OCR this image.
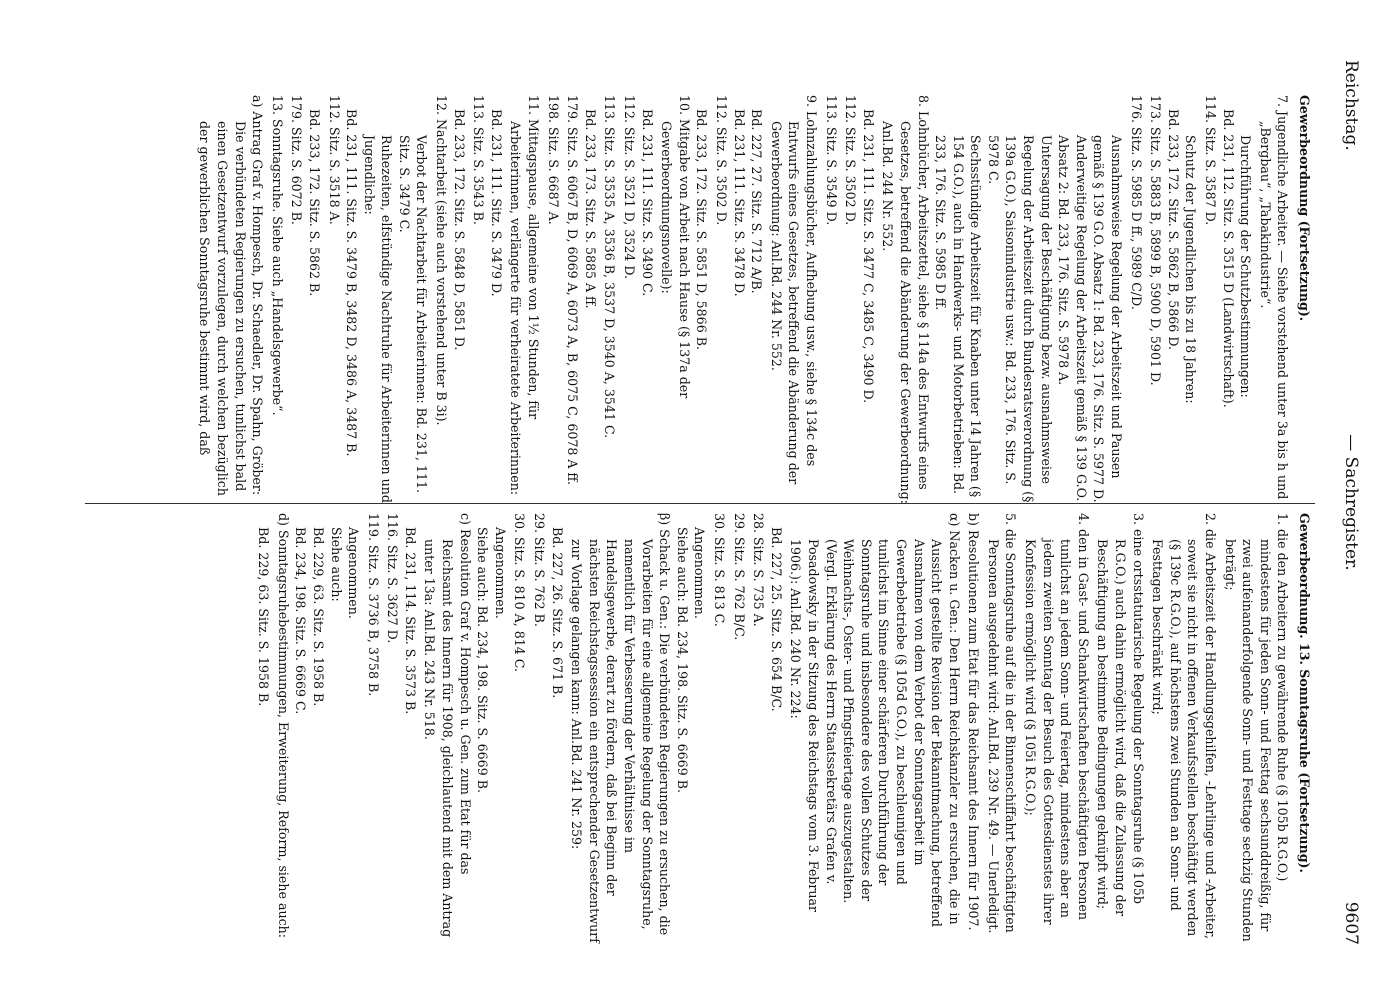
Reichstag.
— Sachregister.
9607
Gewerbeordnung (Fortsetzung).

7. Jugendliche Arbeiter. — Siehe vorstehend unter 3a bis h und „Bergbau“, „Tabakindustrie“.

Durchführung der Schutzbestimmungen:

Bd. 231, 112. Sitz. S. 3515 D (Landwirtschaft).

114. Sitz. S. 3587 D.

Schutz der Jugendlichen bis zu 18 Jahren:

Bd. 233, 172. Sitz. S. 5862 B, 5866 D.

173. Sitz. S. 5883 B, 5899 B, 5900 D, 5901 D.

176. Sitz. S. 5985 D ff., 5989 C/D.

Ausnahmsweise Regelung der Arbeitszeit und Pausen gemäß § 139 G.O. Absatz 1: Bd. 233, 176. Sitz. S. 5977 D.

Anderweitige Regelung der Arbeitszeit gemäß § 139 G.O. Absatz 2: Bd. 233, 176. Sitz. S. 5978 A.

Untersagung der Beschäftigung bezw. ausnahmsweise Regelung der Arbeitszeit durch Bundesratsverordnung (§ 139a G.O.), Saisonindustrie usw.: Bd. 233, 176. Sitz. S. 5978 C.

Sechsstündige Arbeitszeit für Knaben unter 14 Jahren (§ 154 G.O.), auch in Handwerks- und Motorbetrieben: Bd. 233, 176. Sitz. S. 5985 D ff.

8. Lohnbücher, Arbeitszettel, siehe § 114a des Entwurfs eines Gesetzes, betreffend die Abänderung der Gewerbeordnung: Anl.Bd. 244 Nr. 552.

Bd. 231, 111. Sitz. S. 3477 C, 3485 C, 3490 D.

112. Sitz. S. 3502 D.

113. Sitz. S. 3549 D.

9. Lohnzahlungsbücher, Aufhebung usw., siehe § 134c des Entwurfs eines Gesetzes, betreffend die Abänderung der Gewerbeordnung: Anl.Bd. 244 Nr. 552.

Bd. 227, 27. Sitz. S. 712 A/B.

Bd. 231, 111. Sitz. S. 3478 D.

112. Sitz. S. 3502 D.

Bd. 233, 172. Sitz. S. 5851 D, 5866 B.

10. Mitgabe von Arbeit nach Hause (§ 137a der Gewerbeordnungsnovelle):

Bd. 231, 111. Sitz. S. 3490 C.

112. Sitz. S. 3521 D, 3524 D.

113. Sitz. S. 3535 A, 3536 B, 3537 D, 3540 A, 3541 C.

Bd. 233, 173. Sitz. S. 5885 A ff.

179. Sitz. S. 6067 B, D, 6069 A, 6073 A, B, 6075 C, 6078 A ff.

198. Sitz. S. 6687 A.

11. Mittagspause, allgemeine von 1½ Stunden, für Arbeiterinnen, verlängerte für verheiratete Arbeiterinnen:

Bd. 231, 111. Sitz. S. 3479 D.

113. Sitz. S. 3543 B.

Bd. 233, 172. Sitz. S. 5848 D, 5851 D.

12. Nachtarbeit (siehe auch vorstehend unter B 3i).

Verbot der Nachtarbeit für Arbeiterinnen: Bd. 231, 111. Sitz. S. 3479 C.

Ruhezeiten, elfstündige Nachtruhe für Arbeiterinnen und Jugendliche:

Bd. 231, 111. Sitz. S. 3479 B, 3482 D, 3486 A, 3487 B.

112. Sitz. S. 3518 A.

Bd. 233, 172. Sitz. S. 5862 B.

179. Sitz. S. 6072 B.

13. Sonntagsruhe. Siehe auch „Handelsgewerbe“.

a) Antrag Graf v. Hompesch, Dr. Schaedler, Dr. Spahn, Gröber: Die verbündeten Regierungen zu ersuchen, tunlichst bald einen Gesetzentwurf vorzulegen, durch welchen bezüglich der gewerblichen Sonntagsruhe bestimmt wird, daß

Gewerbeordnung. 13. Sonntagsruhe (Fortsetzung).

1. die den Arbeitern zu gewährende Ruhe (§ 105b R.G.O.) mindestens für jeden Sonn- und Festtag sechsunddreißig, für zwei aufeinanderfolgende Sonn- und Festtage sechzig Stunden beträgt;

2. die Arbeitszeit der Handlungsgehilfen, -Lehrlinge und -Arbeiter, soweit sie nicht in offenen Verkaufsstellen beschäftigt werden (§ 139c R.G.O.), auf höchstens zwei Stunden an Sonn- und Festtagen beschränkt wird;

3. eine ortsstatutarische Regelung der Sonntagsruhe (§ 105b R.G.O.) auch dahin ermöglicht wird, daß die Zulassung der Beschäftigung an bestimmte Bedingungen geknüpft wird;

4. den in Gast- und Schankwirtschaften beschäftigten Personen tunlichst an jedem Sonn- und Feiertag, mindestens aber an jedem zweiten Sonntag der Besuch des Gottesdienstes ihrer Konfession ermöglicht wird (§ 105i R.G.O.);

5. die Sonntagsruhe auf die in der Binnenschiffahrt beschäftigten Personen ausgedehnt wird: Anl.Bd. 239 Nr. 49. — Unerledigt.

b) Resolutionen zum Etat für das Reichsamt des Innern für 1907.

α) Nacken u. Gen.: Den Herrn Reichskanzler zu ersuchen, die in Aussicht gestellte Revision der Bekanntmachung, betreffend Ausnahmen von dem Verbot der Sonntagsarbeit im Gewerbebetriebe (§ 105d G.O.), zu beschleunigen und tunlichst im Sinne einer schärferen Durchführung der Sonntagsruhe und insbesondere des vollen Schutzes der Weihnachts-, Oster- und Pfingstfeiertage auszugestalten. (Vergl. Erklärung des Herrn Staatssekretärs Grafen v. Posadowsky in der Sitzung des Reichstags vom 3. Februar 1906.): Anl.Bd. 240 Nr. 224:

Bd. 227, 25. Sitz. S. 654 B/C.

28. Sitz. S. 735 A.

29. Sitz. S. 762 B/C.

30. Sitz. S. 813 C.

Angenommen.

Siehe auch: Bd. 234, 198. Sitz. S. 6669 B.

β) Schack u. Gen.: Die verbündeten Regierungen zu ersuchen, die Vorarbeiten für eine allgemeine Regelung der Sonntagsruhe, namentlich für Verbesserung der Verhältnisse im Handelsgewerbe, derart zu fördern, daß bei Beginn der nächsten Reichstagssession ein entsprechender Gesetzentwurf zur Vorlage gelangen kann: Anl.Bd. 241 Nr. 259:

Bd. 227, 26. Sitz. S. 671 B.

29. Sitz. S. 762 B.

30. Sitz. S. 810 A, 814 C.

Angenommen.

Siehe auch: Bd. 234, 198. Sitz. S. 6669 B.

c) Resolution Graf v. Hompesch u. Gen. zum Etat für das Reichsamt des Innern für 1908, gleichlautend mit dem Antrag unter 13a: Anl.Bd. 243 Nr. 518.

Bd. 231, 114. Sitz. S. 3573 B.

116. Sitz. S. 3627 D.

119. Sitz. S. 3736 B, 3758 B.

Angenommen.

Siehe auch:

Bd. 229, 63. Sitz. S. 1958 B.

Bd. 234, 198. Sitz. S. 6669 C.

d) Sonntagsruhebestimmungen, Erweiterung, Reform, siehe auch:

Bd. 229, 63. Sitz. S. 1958 B.
